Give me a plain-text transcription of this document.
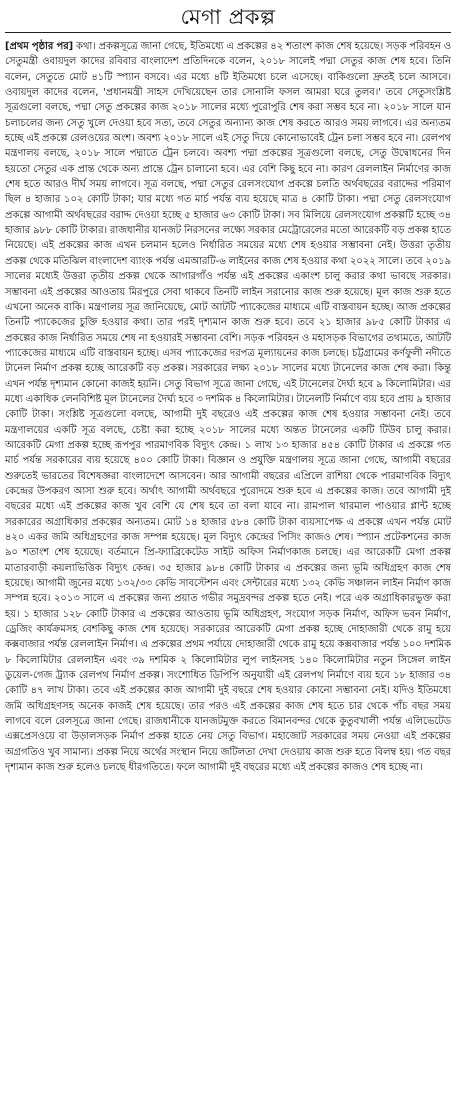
মেগা প্রকল্প

[প্রথম পৃষ্ঠার পর] কথা। প্রকল্পসূত্রে জানা গেছে, ইতিমধ্যে এ প্রকল্পের ৪২ শতাংশ কাজ শেষ হয়েছে। সড়ক পরিবহন ও সেতুমন্ত্রী ওবায়দুল কাদের রবিবার বাংলাদেশ প্রতিদিনকে বলেন, ২০১৮ সালেই পদ্মা সেতুর কাজ শেষ হবে। তিনি বলেন, সেতুতে মোট ৪১টি স্প্যান বসবে। এর মধ্যে ৪টি ইতিমধ্যে চলে এসেছে। বাকিগুলো দ্রুতই চলে আসবে। ওবায়দুল কাদের বলেন, 'প্রধানমন্ত্রী সাহস দেখিয়েছেন তার সোনালি ফসল আমরা ঘরে তুলব।' তবে সেতুসংশ্লিষ্ট সূত্রগুলো বলছে, পদ্মা সেতু প্রকল্পের কাজ ২০১৮ সালের মধ্যে পুরোপুরি শেষ করা সম্ভব হবে না। ২০১৮ সালে যান চলাচলের জন্য সেতু খুলে দেওয়া হবে সত্য, তবে সেতুর অন্যান্য কাজ শেষ করতে আরও সময় লাগবে। এর অন্যতম হচ্ছে এই প্রকল্পে রেলওয়ের অংশ। অবশ্য ২০১৮ সালে এই সেতু দিয়ে কোনোভাবেই ট্রেন চলা সম্ভব হবে না। রেলপথ মন্ত্রণালয় বলছে, ২০১৮ সালে পদ্মাতে ট্রেন চলবে। অবশ্য পদ্মা প্রকল্পের সূত্রগুলো বলছে, সেতু উদ্বোধনের দিন হয়তো সেতুর এক প্রান্ত থেকে অন্য প্রান্তে ট্রেন চালানো হবে। এর বেশি কিছু হবে না। কারণ রেললাইন নির্মাণের কাজ শেষ হতে আরও দীর্ঘ সময় লাগবে। সূত্র বলছে, পদ্মা সেতুর রেলসংযোগ প্রকল্পে চলতি অর্থবছরের বরাদ্দের পরিমাণ ছিল ৪ হাজার ১০২ কোটি টাকা; যার মধ্যে গত মার্চ পর্যন্ত ব্যয় হয়েছে মাত্র ৪ কোটি টাকা। পদ্মা সেতু রেলসংযোগ প্রকল্পে আগামী অর্থবছরের বরাদ্দ দেওয়া হচ্ছে ৫ হাজার ৬৩ কোটি টাকা। সব মিলিয়ে রেলসংযোগ প্রকল্পটি হচ্ছে ৩৪ হাজার ৯৮৮ কোটি টাকার। রাজধানীর যানজট নিরসনের লক্ষ্যে সরকার মেট্রোরেলের মতো আরেকটি বড় প্রকল্প হাতে নিয়েছে। এই প্রকল্পের কাজ এখন চলমান হলেও নির্ধারিত সময়ের মধ্যে শেষ হওয়ার সম্ভাবনা নেই। উত্তরা তৃতীয় প্রকল্প থেকে মতিঝিল বাংলাদেশ ব্যাংক পর্যন্ত এমআরটি-৬ লাইনের কাজ শেষ হওয়ার কথা ২০২২ সালে। তবে ২০১৯ সালের মধ্যেই উত্তরা তৃতীয় প্রকল্প থেকে আগারগাঁও পর্যন্ত এই প্রকল্পের একাংশ চালু করার কথা ভাবছে সরকার। সম্ভাবনা এই প্রকল্পের আওতায় মিরপুরে সেবা থাকবে তিনটি লাইন সরানোর কাজ শুরু হয়েছে। মূল কাজ শুরু হতে এখনো অনেক বাকি। মন্ত্রণালয় সূত্র জানিয়েছে, মোট আটটি প্যাকেজের মাধ্যমে এটি বাস্তবায়ন হচ্ছে। আজ প্রকল্পের তিনটি প্যাকেজের চুক্তি হওয়ার কথা। তার পরই দৃশ্যমান কাজ শুরু হবে। তবে ২১ হাজার ৯৮৫ কোটি টাকার এ প্রকল্পের কাজ নির্ধারিত সময়ে শেষ না হওয়ারই সম্ভাবনা বেশি। সড়ক পরিবহন ও মহাসড়ক বিভাগের তথ্যমতে, আটটি প্যাকেজের মাধ্যমে এটি বাস্তবায়ন হচ্ছে। এসব প্যাকেজের দরপত্র মূল্যায়নের কাজ চলছে। চট্টগ্রামের কর্ণফুলী নদীতে টানেল নির্মাণ প্রকল্প হচ্ছে আরেকটি বড় প্রকল্প। সরকারের লক্ষ্য ২০১৮ সালের মধ্যে টানেলের কাজ শেষ করা। কিন্তু এখন পর্যন্ত দৃশ্যমান কোনো কাজই হয়নি। সেতু বিভাগ সূত্রে জানা গেছে, এই টানেলের দৈর্ঘ্য হবে ৯ কিলোমিটার। এর মধ্যে একাধিক লেনবিশিষ্ট মূল টানেলের দৈর্ঘ্য হবে ৩ দশমিক ৪ কিলোমিটার। টানেলটি নির্মাণে ব্যয় হবে প্রায় ৯ হাজার কোটি টাকা। সংশ্লিষ্ট সূত্রগুলো বলছে, আগামী দুই বছরেও এই প্রকল্পের কাজ শেষ হওয়ার সম্ভাবনা নেই। তবে মন্ত্রণালয়ের একটি সূত্র বলছে, চেষ্টা করা হচ্ছে ২০১৮ সালের মধ্যে অন্তত টানেলের একটি টিউব চালু করার। আরেকটি মেগা প্রকল্প হচ্ছে রূপপুর পারমাণবিক বিদ্যুৎ কেন্দ্র। ১ লাখ ১৩ হাজার ৪৫৪ কোটি টাকার এ প্রকল্পে গত মার্চ পর্যন্ত সরকারের ব্যয় হয়েছে ৪০০ কোটি টাকা। বিজ্ঞান ও প্রযুক্তি মন্ত্রণালয় সূত্রে জানা গেছে, আগামী বছরের শুরুতেই ভারতের বিশেষজ্ঞরা বাংলাদেশে আসবেন। আর আগামী বছরের এপ্রিলে রাশিয়া থেকে পারমাণবিক বিদ্যুৎ কেন্দ্রের উপকরণ আসা শুরু হবে। অর্থাৎ আগামী অর্থবছরে পুরোদমে শুরু হবে এ প্রকল্পের কাজ। তবে আগামী দুই বছরের মধ্যে এই প্রকল্পের কাজ খুব বেশি যে শেষ হবে তা বলা যাবে না। রামপাল থারমাল পাওয়ার প্লান্ট হচ্ছে সরকারের অগ্রাধিকার প্রকল্পের অন্যতম। মোট ১৪ হাজার ৫৮৪ কোটি টাকা ব্যয়সাপেক্ষ এ প্রকল্পে এখন পর্যন্ত মোট ৪২০ একর জমি অধিগ্রহণের কাজ সম্পন্ন হয়েছে। মূল বিদ্যুৎ কেন্দ্রের পিসিং কাজও শেষ। স্প্যান প্রটেকশনের কাজ ৯০ শতাংশ শেষ হয়েছে। বর্তমানে প্রি-ফ্যাব্রিকেটেড সাইট অফিস নির্মাণকাজ চলছে। এর আরেকটি মেগা প্রকল্প মাতারবাড়ী কয়লাভিত্তিক বিদ্যুৎ কেন্দ্র। ৩৫ হাজার ৯৮৪ কোটি টাকার এ প্রকল্পের জন্য ভূমি অধিগ্রহণ কাজ শেষ হয়েছে। আগামী জুনের মধ্যে ১৩২/৩৩ কেভি সাবস্টেশন এবং সেন্টারের মধ্যে ১৩২ কেভি সঞ্চালন লাইন নির্মাণ কাজ সম্পন্ন হবে। ২০১৩ সালে এ প্রকল্পের জন্য প্রয়াত গভীর সমুদ্রবন্দর প্রকল্প হতে নেই। পরে এক অগ্রাধিকারভুক্ত করা হয়। ১ হাজার ১২৮ কোটি টাকার এ প্রকল্পের আওতায় ভূমি অধিগ্রহণ, সংযোগ সড়ক নির্মাণ, অফিস ভবন নির্মাণ, ড্রেজিং কার্যক্রমসহ বেশকিছু কাজ শেষ হয়েছে। সরকারের আরেকটি মেগা প্রকল্প হচ্ছে দোহাজারী থেকে রামু হয়ে কক্সবাজার পর্যন্ত রেললাইন নির্মাণ। এ প্রকল্পের প্রথম পর্যায়ে দোহাজারী থেকে রামু হয়ে কক্সবাজার পর্যন্ত ১০০ দশমিক ৮ কিলোমিটার রেললাইন এবং ৩৯ দশমিক ২ কিলোমিটার লুপ লাইনসহ ১৪০ কিলোমিটার নতুন সিঙ্গেল লাইন ডুয়েল-গেজ ট্র্যাক রেলপথ নির্মাণ প্রকল্প। সংশোধিত ডিপিপি অনুযায়ী এই রেলপথ নির্মাণে ব্যয় হবে ১৮ হাজার ৩৪ কোটি ৪৭ লাখ টাকা। তবে এই প্রকল্পের কাজ আগামী দুই বছরে শেষ হওয়ার কোনো সম্ভাবনা নেই। যদিও ইতিমধ্যে জমি অধিগ্রহণসহ অনেক কাজই শেষ হয়েছে। তার পরও এই প্রকল্পের কাজ শেষ হতে চার থেকে পাঁচ বছর সময় লাগবে বলে রেলসূত্রে জানা গেছে। রাজধানীকে যানজটমুক্ত করতে বিমানবন্দর থেকে কুতুবখালী পর্যন্ত এলিভেটেড এক্সপ্রেসওয়ে বা উড়ালসড়ক নির্মাণ প্রকল্প হাতে নেয় সেতু বিভাগ। মহাজোট সরকারের সময় নেওয়া এই প্রকল্পের অগ্রগতিও খুব সামান্য। প্রকল্প নিয়ে অর্থের সংস্থান নিয়ে জটিলতা দেখা দেওয়ায় কাজ শুরু হতে বিলম্ব হয়। গত বছর দৃশ্যমান কাজ শুরু হলেও চলছে ধীরগতিতে। ফলে আগামী দুই বছরের মধ্যে এই প্রকল্পের কাজও শেষ হচ্ছে না।
